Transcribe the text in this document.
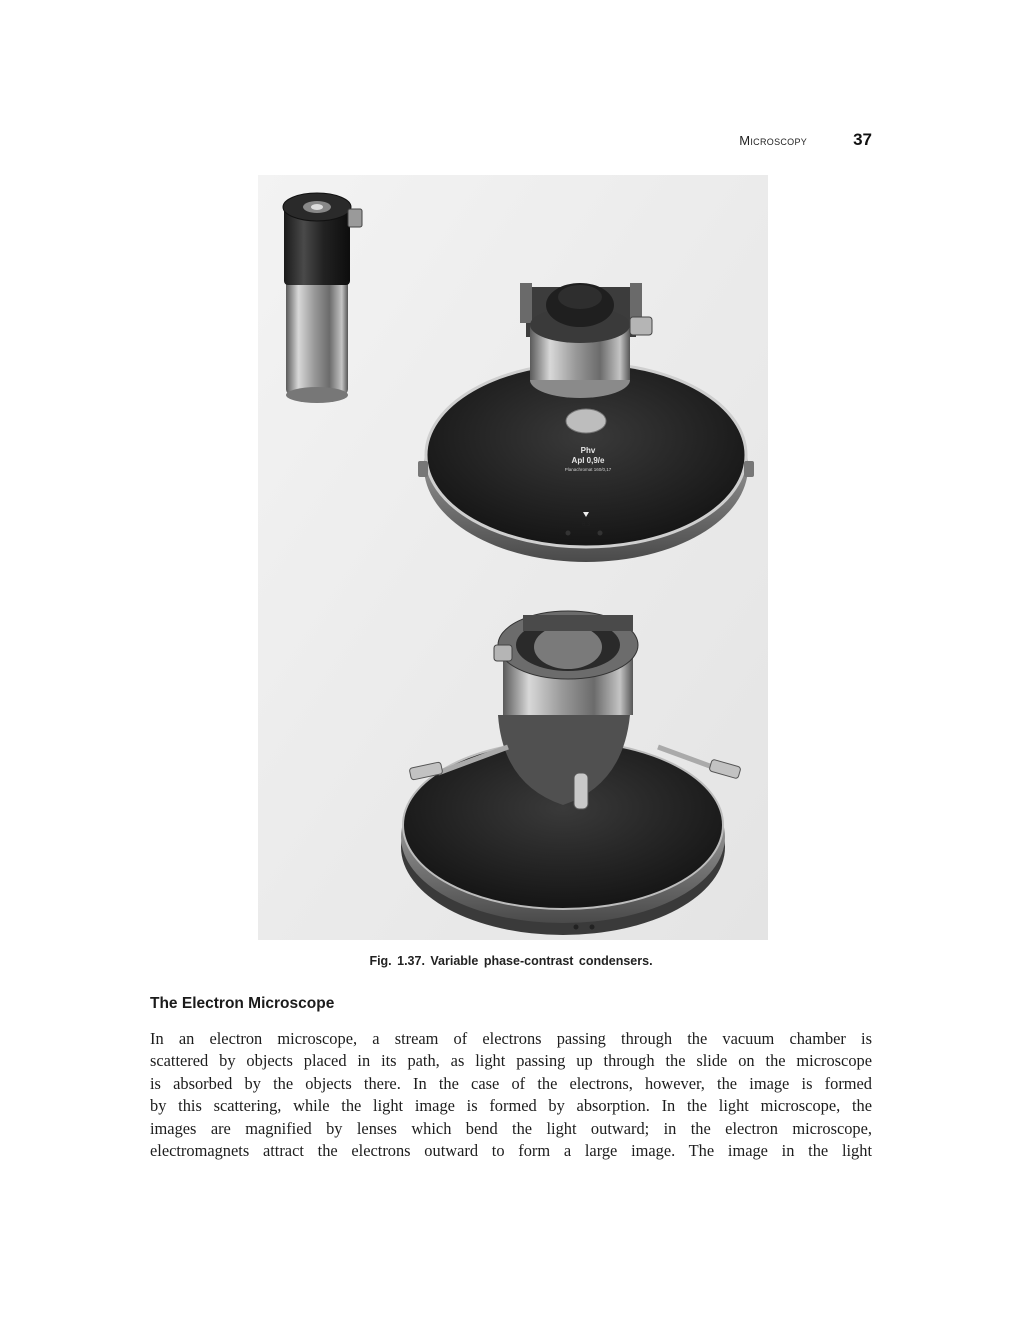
Microscopy	37
Phv
Apl 0,9/e
Planachromat 160/0,17
6,3
Fig. 1.37. Variable phase-contrast condensers.
The Electron Microscope

In an electron microscope, a stream of electrons passing through the vacuum chamber is
scattered by objects placed in its path, as light passing up through the slide on the microscope
is absorbed by the objects there. In the case of the electrons, however, the image is formed
by this scattering, while the light image is formed by absorption. In the light microscope, the
images are magnified by lenses which bend the light outward; in the electron microscope,
electromagnets attract the electrons outward to form a large image. The image in the light
